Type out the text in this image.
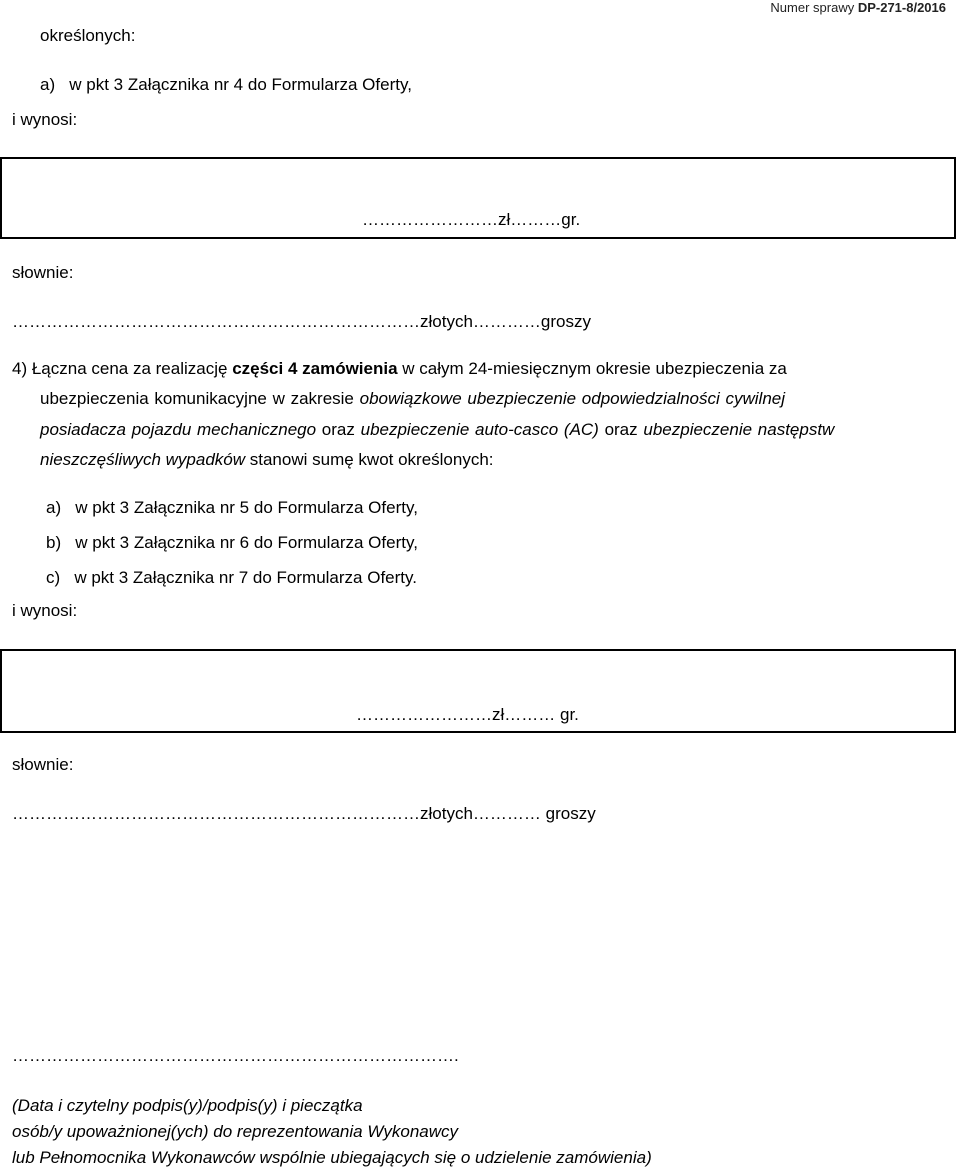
Numer sprawy DP-271-8/2016
określonych:
a)   w pkt 3 Załącznika nr 4 do Formularza Oferty,
i wynosi:
……………………zł………gr.
słownie:
………………………………………………………………złotych…………groszy
4) Łączna cena za realizację części 4 zamówienia w całym 24-miesięcznym okresie ubezpieczenia za
ubezpieczenia komunikacyjne w zakresie obowiązkowe ubezpieczenie odpowiedzialności cywilnej
posiadacza pojazdu mechanicznego oraz ubezpieczenie auto-casco (AC) oraz ubezpieczenie następstw
nieszczęśliwych wypadków stanowi sumę kwot określonych:
a)   w pkt 3 Załącznika nr 5 do Formularza Oferty,
b)   w pkt 3 Załącznika nr 6 do Formularza Oferty,
c)   w pkt 3 Załącznika nr 7 do Formularza Oferty.
i wynosi:
……………………zł……… gr.
słownie:
………………………………………………………………złotych………… groszy
…………………………………………………………………….
(Data i czytelny podpis(y)/podpis(y) i pieczątka
osób/y upoważnionej(ych) do reprezentowania Wykonawcy
lub Pełnomocnika Wykonawców wspólnie ubiegających się o udzielenie zamówienia)
